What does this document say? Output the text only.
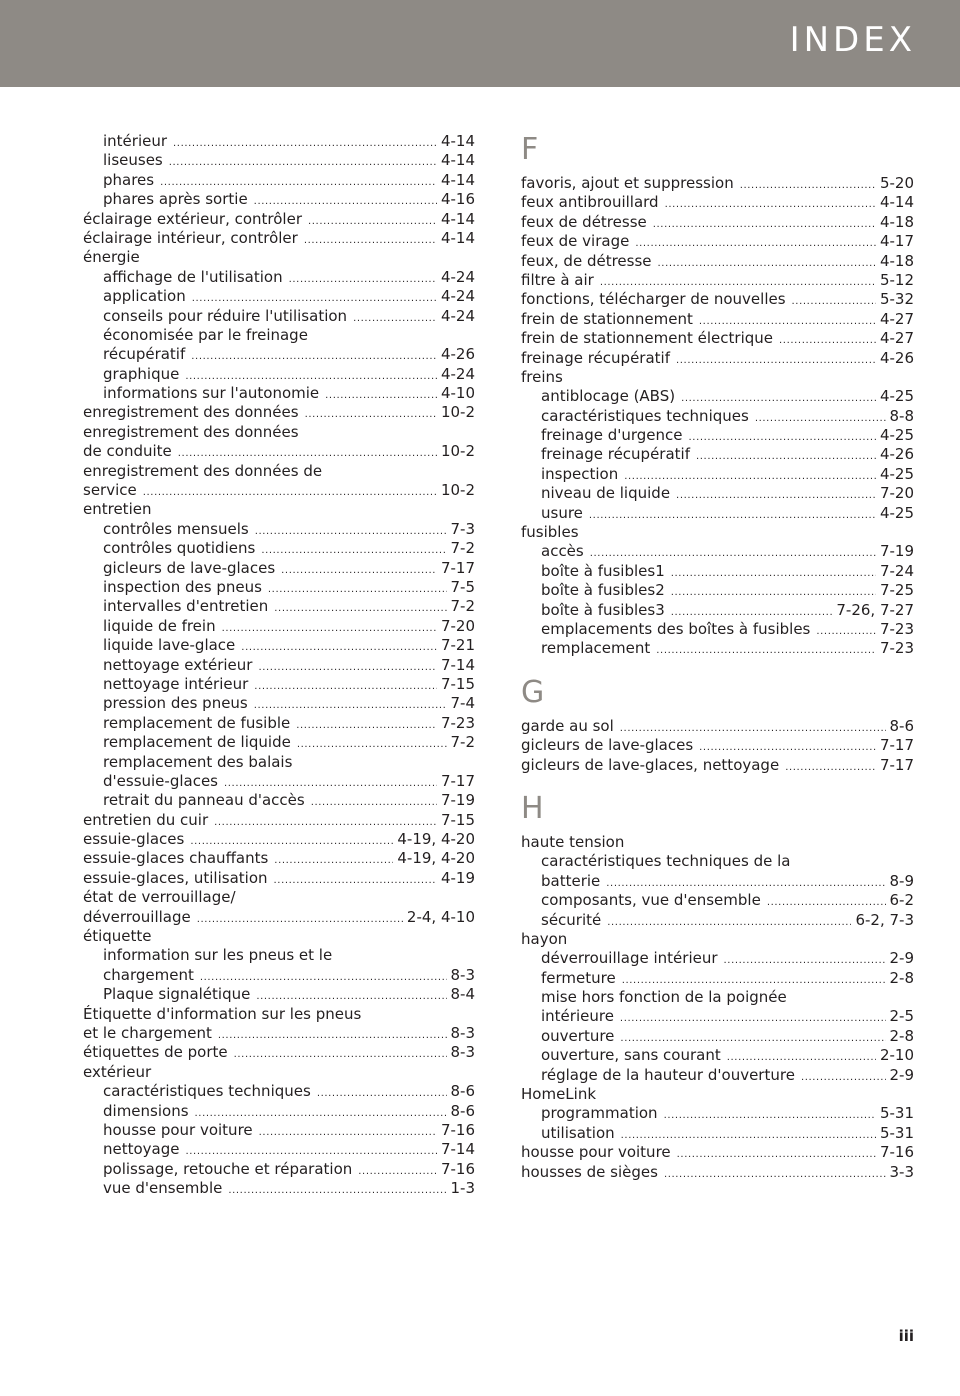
INDEX
intérieur .....	4-14
liseuses .....	4-14
phares .....	4-14
phares après sortie .....	4-16
éclairage extérieur, contrôler .....	4-14
éclairage intérieur, contrôler .....	4-14
énergie
affichage de l'utilisation .....	4-24
application .....	4-24
conseils pour réduire l'utilisation .....	4-24
économisée par le freinage
récupératif .....	4-26
graphique .....	4-24
informations sur l'autonomie .....	4-10
enregistrement des données .....	10-2
enregistrement des données
de conduite .....	10-2
enregistrement des données de
service .....	10-2
entretien
contrôles mensuels .....	7-3
contrôles quotidiens .....	7-2
gicleurs de lave-glaces .....	7-17
inspection des pneus .....	7-5
intervalles d'entretien .....	7-2
liquide de frein .....	7-20
liquide lave-glace .....	7-21
nettoyage extérieur .....	7-14
nettoyage intérieur .....	7-15
pression des pneus .....	7-4
remplacement de fusible .....	7-23
remplacement de liquide .....	7-2
remplacement des balais
d'essuie-glaces .....	7-17
retrait du panneau d'accès .....	7-19
entretien du cuir .....	7-15
essuie-glaces .....	4-19, 4-20
essuie-glaces chauffants .....	4-19, 4-20
essuie-glaces, utilisation .....	4-19
état de verrouillage/
déverrouillage .....	2-4, 4-10
étiquette
information sur les pneus et le
chargement .....	8-3
Plaque signalétique .....	8-4
Étiquette d'information sur les pneus
et le chargement .....	8-3
étiquettes de porte .....	8-3
extérieur
caractéristiques techniques .....	8-6
dimensions .....	8-6
housse pour voiture .....	7-16
nettoyage .....	7-14
polissage, retouche et réparation .....	7-16
vue d'ensemble .....	1-3
F
favoris, ajout et suppression .....	5-20
feux antibrouillard .....	4-14
feux de détresse .....	4-18
feux de virage .....	4-17
feux, de détresse .....	4-18
filtre à air .....	5-12
fonctions, télécharger de nouvelles .....	5-32
frein de stationnement .....	4-27
frein de stationnement électrique .....	4-27
freinage récupératif .....	4-26
freins
antiblocage (ABS) .....	4-25
caractéristiques techniques .....	8-8
freinage d'urgence .....	4-25
freinage récupératif .....	4-26
inspection .....	4-25
niveau de liquide .....	7-20
usure .....	4-25
fusibles
accès .....	7-19
boîte à fusibles1 .....	7-24
boîte à fusibles2 .....	7-25
boîte à fusibles3 .....	7-26, 7-27
emplacements des boîtes à fusibles .....	7-23
remplacement .....	7-23
G
garde au sol .....	8-6
gicleurs de lave-glaces .....	7-17
gicleurs de lave-glaces, nettoyage .....	7-17
H
haute tension
caractéristiques techniques de la
batterie .....	8-9
composants, vue d'ensemble .....	6-2
sécurité .....	6-2, 7-3
hayon
déverrouillage intérieur .....	2-9
fermeture .....	2-8
mise hors fonction de la poignée
intérieure .....	2-5
ouverture .....	2-8
ouverture, sans courant .....	2-10
réglage de la hauteur d'ouverture .....	2-9
HomeLink
programmation .....	5-31
utilisation .....	5-31
housse pour voiture .....	7-16
housses de sièges .....	3-3
iii
